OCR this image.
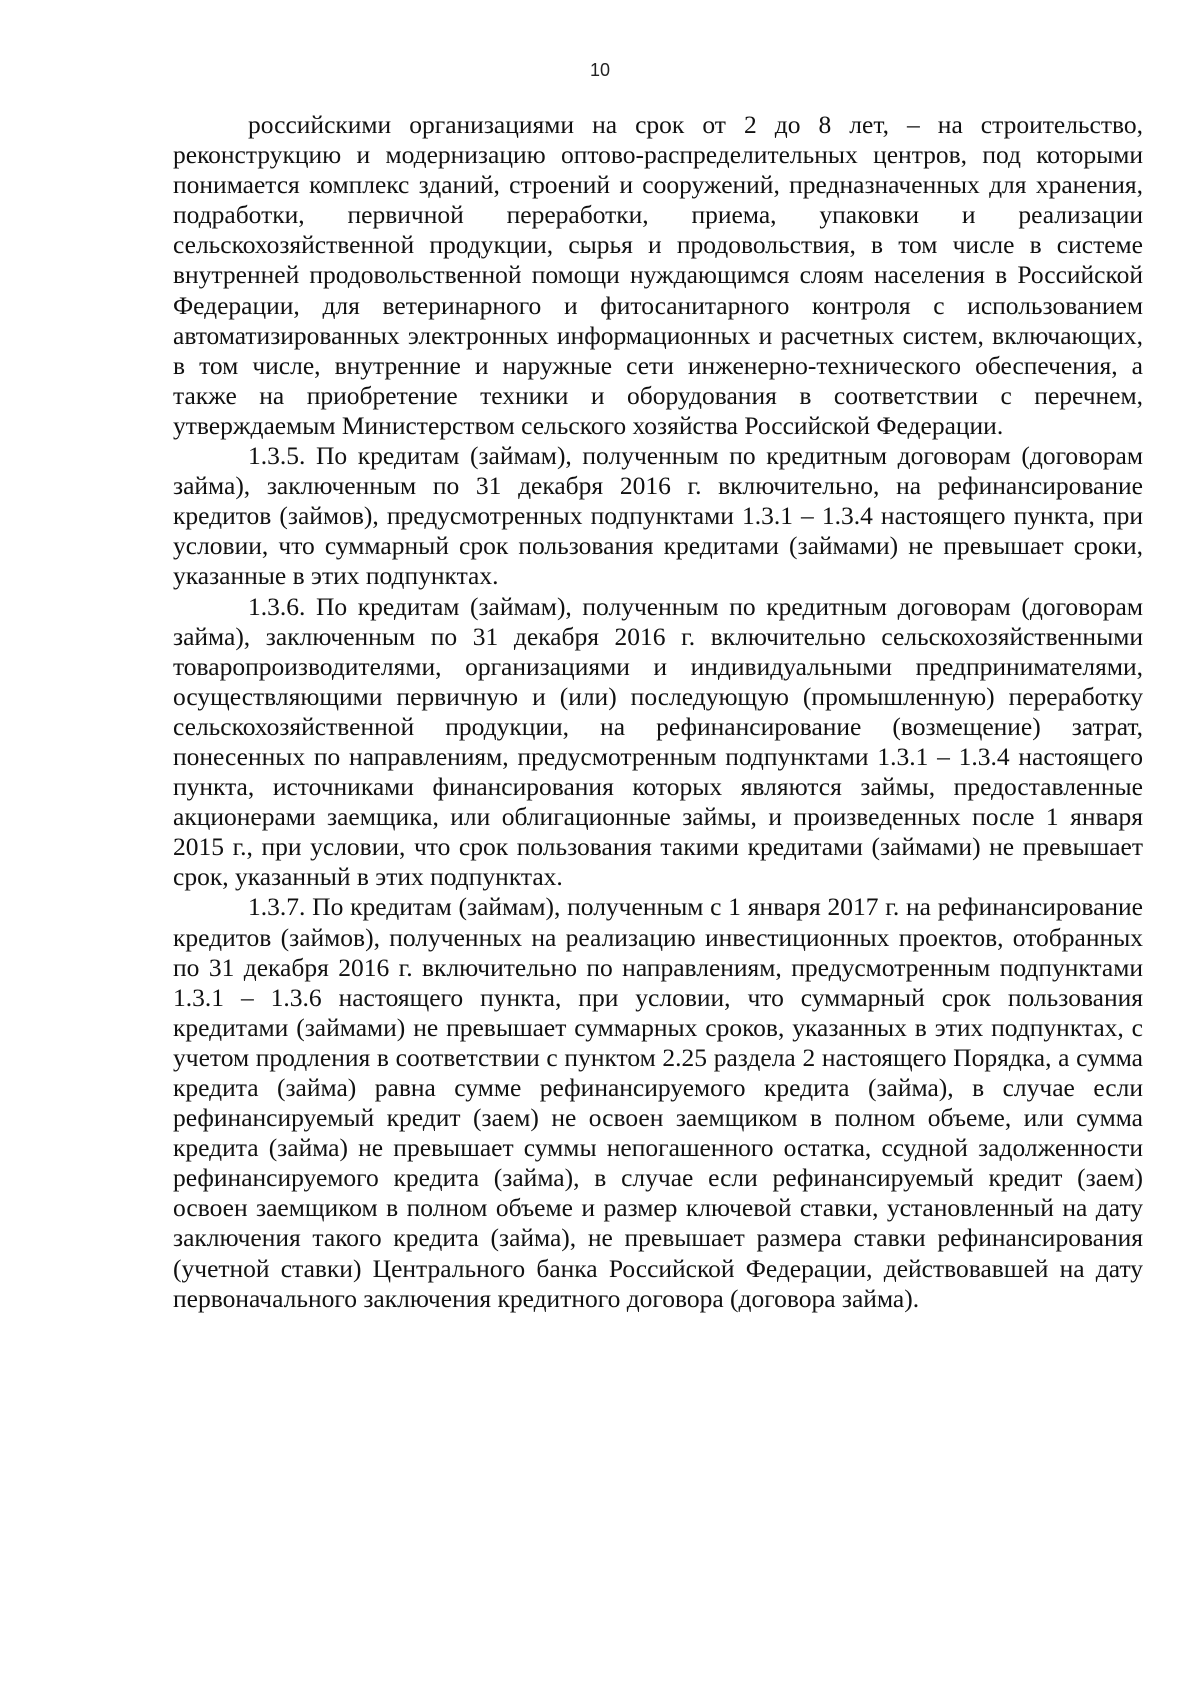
10

российскими организациями на срок от 2 до 8 лет, – на строительство, реконструкцию и модернизацию оптово-распределительных центров, под которыми понимается комплекс зданий, строений и сооружений, предназначенных для хранения, подработки, первичной переработки, приема, упаковки и реализации сельскохозяйственной продукции, сырья и продовольствия, в том числе в системе внутренней продовольственной помощи нуждающимся слоям населения в Российской Федерации, для ветеринарного и фитосанитарного контроля с использованием автоматизированных электронных информационных и расчетных систем, включающих, в том числе, внутренние и наружные сети инженерно-технического обеспечения, а также на приобретение техники и оборудования в соответствии с перечнем, утверждаемым Министерством сельского хозяйства Российской Федерации.

1.3.5. По кредитам (займам), полученным по кредитным договорам (договорам займа), заключенным по 31 декабря 2016 г. включительно, на рефинансирование кредитов (займов), предусмотренных подпунктами 1.3.1 – 1.3.4 настоящего пункта, при условии, что суммарный срок пользования кредитами (займами) не превышает сроки, указанные в этих подпунктах.

1.3.6. По кредитам (займам), полученным по кредитным договорам (договорам займа), заключенным по 31 декабря 2016 г. включительно сельскохозяйственными товаропроизводителями, организациями и индивидуальными предпринимателями, осуществляющими первичную и (или) последующую (промышленную) переработку сельскохозяйственной продукции, на рефинансирование (возмещение) затрат, понесенных по направлениям, предусмотренным подпунктами 1.3.1 – 1.3.4 настоящего пункта, источниками финансирования которых являются займы, предоставленные акционерами заемщика, или облигационные займы, и произведенных после 1 января 2015 г., при условии, что срок пользования такими кредитами (займами) не превышает срок, указанный в этих подпунктах.

1.3.7. По кредитам (займам), полученным с 1 января 2017 г. на рефинансирование кредитов (займов), полученных на реализацию инвестиционных проектов, отобранных по 31 декабря 2016 г. включительно по направлениям, предусмотренным подпунктами 1.3.1 – 1.3.6 настоящего пункта, при условии, что суммарный срок пользования кредитами (займами) не превышает суммарных сроков, указанных в этих подпунктах, с учетом продления в соответствии с пунктом 2.25 раздела 2 настоящего Порядка, а сумма кредита (займа) равна сумме рефинансируемого кредита (займа), в случае если рефинансируемый кредит (заем) не освоен заемщиком в полном объеме, или сумма кредита (займа) не превышает суммы непогашенного остатка, ссудной задолженности рефинансируемого кредита (займа), в случае если рефинансируемый кредит (заем) освоен заемщиком в полном объеме и размер ключевой ставки, установленный на дату заключения такого кредита (займа), не превышает размера ставки рефинансирования (учетной ставки) Центрального банка Российской Федерации, действовавшей на дату первоначального заключения кредитного договора (договора займа).
